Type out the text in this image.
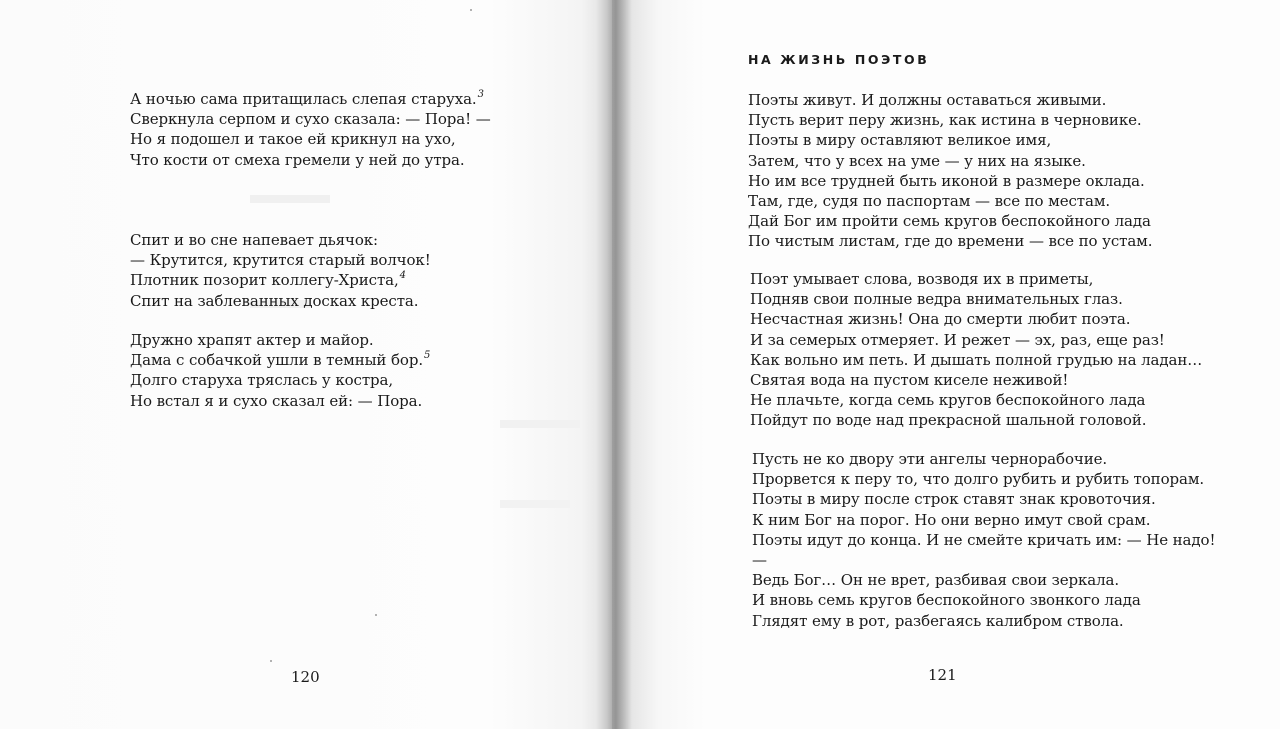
А ночью сама притащилась слепая старуха.$^3$
Сверкнула серпом и сухо сказала: — Пора! —
Но я подошел и такое ей крикнул на ухо,
Что кости от смеха гремели у ней до утра.
Спит и во сне напевает дьячок:
— Крутится, крутится старый волчок!
Плотник позорит коллегу-Христа,$^4$
Спит на заблеванных досках креста.
Дружно храпят актер и майор.
Дама с собачкой ушли в темный бор.$^5$
Долго старуха тряслась у костра,
Но встал я и сухо сказал ей: — Пора.
120
НА ЖИЗНЬ ПОЭТОВ
Поэты живут. И должны оставаться живыми.
Пусть верит перу жизнь, как истина в черновике.
Поэты в миру оставляют великое имя,
Затем, что у всех на уме — у них на языке.
Но им все трудней быть иконой в размере оклада.
Там, где, судя по паспортам — все по местам.
Дай Бог им пройти семь кругов беспокойного лада
По чистым листам, где до времени — все по устам.
Поэт умывает слова, возводя их в приметы,
Подняв свои полные ведра внимательных глаз.
Несчастная жизнь! Она до смерти любит поэта.
И за семерых отмеряет. И режет — эх, раз, еще раз!
Как вольно им петь. И дышать полной грудью на ладан…
Святая вода на пустом киселе неживой!
Не плачьте, когда семь кругов беспокойного лада
Пойдут по воде над прекрасной шальной головой.
Пусть не ко двору эти ангелы чернорабочие.
Прорвется к перу то, что долго рубить и рубить топорам.
Поэты в миру после строк ставят знак кровоточия.
К ним Бог на порог. Но они верно имут свой срам.
Поэты идут до конца. И не смейте кричать им: — Не надо!
—
Ведь Бог… Он не врет, разбивая свои зеркала.
И вновь семь кругов беспокойного звонкого лада
Глядят ему в рот, разбегаясь калибром ствола.
121
